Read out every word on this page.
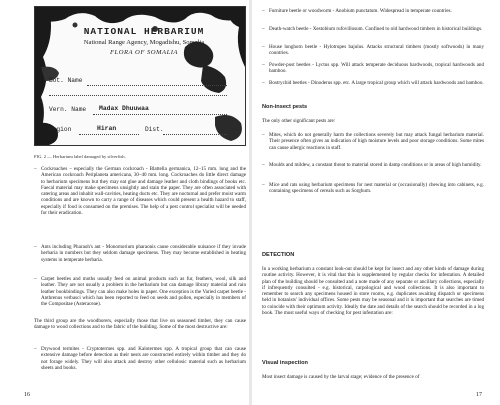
NATIONAL HERBARIUM
National Range Agency, Mogadishu, Somalia
FLORA OF SOMALIA
Bot. Name
Vern. Name Madax Dhuuwaa
Region	Hiran	Dist.
FIG. 2 — Herbarium label damaged by silverfish.
– Cockroaches – especially the German cockroach - Blattella germanica, 12–15 mm. long and the American cockroach Periplaneta americana, 30–40 mm. long. Cockroaches do little direct damage to herbarium specimens but they may eat glue and damage leather and cloth bindings of books etc. Faecal material may make specimens unsightly and stain the paper. They are often associated with catering areas and inhabit wall-cavities, heating ducts etc. They are nocturnal and prefer moist warm conditions and are known to carry a range of diseases which could present a health hazard to staff, especially if food is consumed on the premises. The help of a pest control specialist will be needed for their eradication.
– Ants including Pharaoh's ant - Monomorium pharaonis cause considerable nuisance if they invade herbaria in numbers but they seldom damage specimens. They may become established in heating systems in temperate herbaria.
– Carpet beetles and moths usually feed on animal products such as fur, feathers, wool, silk and leather. They are not usually a problem in the herbarium but can damage library material and rain leather bookbindings. They can also make holes in paper. One exception is the Varied carpet beetle - Anthrenus verbasci which has been reported to feed on seeds and pollen, especially in members of the Compositae (Asteraceae).
The third group are the woodborers, especially those that live on seasoned timber, they can cause damage to wood collections and to the fabric of the building. Some of the most destructive are:
– Drywood termites - Cryptotermes spp. and Kalotermes spp. A tropical group that can cause extensive damage before detection as their nests are constructed entirely within timber and they do not forage widely. They will also attack and destroy other cellulosic material such as herbarium sheets and books.
16
– Furniture beetle or woodworm - Anobium punctatum. Widespread in temperate countries.
– Death-watch beetle - Xestobium rufovillosum. Confined to old hardwood timbers in historical buildings.
– House longhorn beetle - Hylotrupes bajulus. Attacks structural timbers (mostly softwoods) in many countries.
– Powder-post beetles - Lyctus spp. Will attack temperate deciduous hardwoods, tropical hardwoods and bamboo.
– Bostrychid beetles - Dinoderus spp. etc. A large tropical group which will attack hardwoods and bamboo.
Non-insect pests
The only other significant pests are:
– Mites, which do not generally harm the collections severely but may attack fungal herbarium material. Their presence often gives an indication of high moisture levels and poor storage conditions. Some mites can cause allergic reactions in staff.
– Moulds and mildew, a constant threat to material stored in damp conditions or in areas of high humidity.
– Mice and rats using herbarium specimens for nest material or (occasionally) chewing into cabinets, e.g. containing specimens of cereals such as Sorghum.
DETECTION
In a working herbarium a constant look-out should be kept for insect and any other kinds of damage during routine activity. However, it is vital that this is supplemented by regular checks for infestation. A detailed plan of the building should be consulted and a note made of any separate or ancillary collections, especially if infrequently consulted - e.g. historical, carpological and wood collections. It is also important to remember to search any specimens housed in store rooms, e.g. duplicates awaiting dispatch or specimens held in botanists' individual offices. Some pests may be seasonal and it is important that searches are timed to coincide with their optimum activity. Ideally the date and details of the search should be recorded in a log book. The most useful ways of checking for pest infestation are:
Visual inspection
Most insect damage is caused by the larval stage; evidence of the presence of
17
